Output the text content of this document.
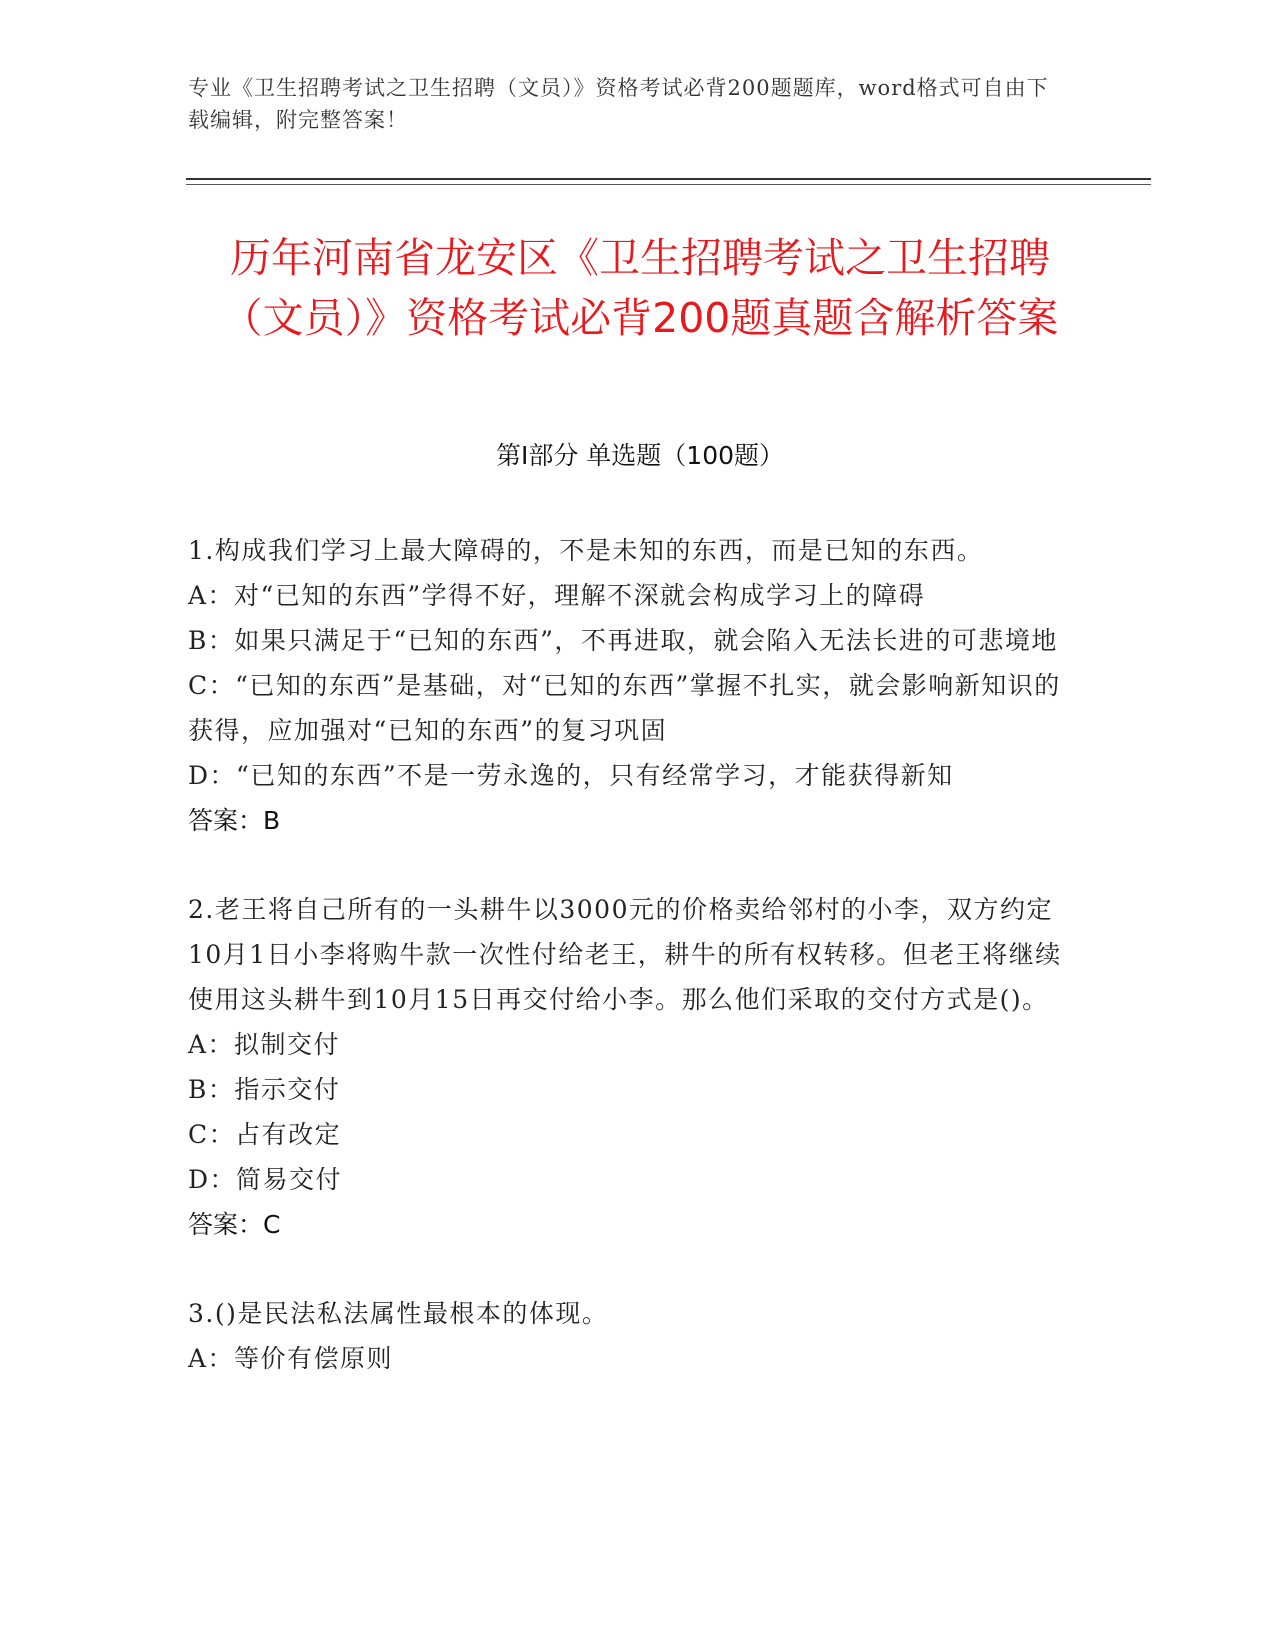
专业《卫生招聘考试之卫生招聘（文员）》资格考试必背200题题库，word格式可自由下载编辑，附完整答案！
历年河南省龙安区《卫生招聘考试之卫生招聘（文员）》资格考试必背200题真题含解析答案
第Ⅰ部分 单选题（100题）

1.构成我们学习上最大障碍的，不是未知的东西，而是已知的东西。

A：对“已知的东西”学得不好，理解不深就会构成学习上的障碍

B：如果只满足于“已知的东西”，不再进取，就会陷入无法长进的可悲境地

C：“已知的东西”是基础，对“已知的东西”掌握不扎实，就会影响新知识的获得，应加强对“已知的东西”的复习巩固

D：“已知的东西”不是一劳永逸的，只有经常学习，才能获得新知

答案：B

2.老王将自己所有的一头耕牛以3000元的价格卖给邻村的小李，双方约定10月1日小李将购牛款一次性付给老王，耕牛的所有权转移。但老王将继续使用这头耕牛到10月15日再交付给小李。那么他们采取的交付方式是()。

A：拟制交付

B：指示交付

C：占有改定

D：简易交付

答案：C

3.()是民法私法属性最根本的体现。

A：等价有偿原则
